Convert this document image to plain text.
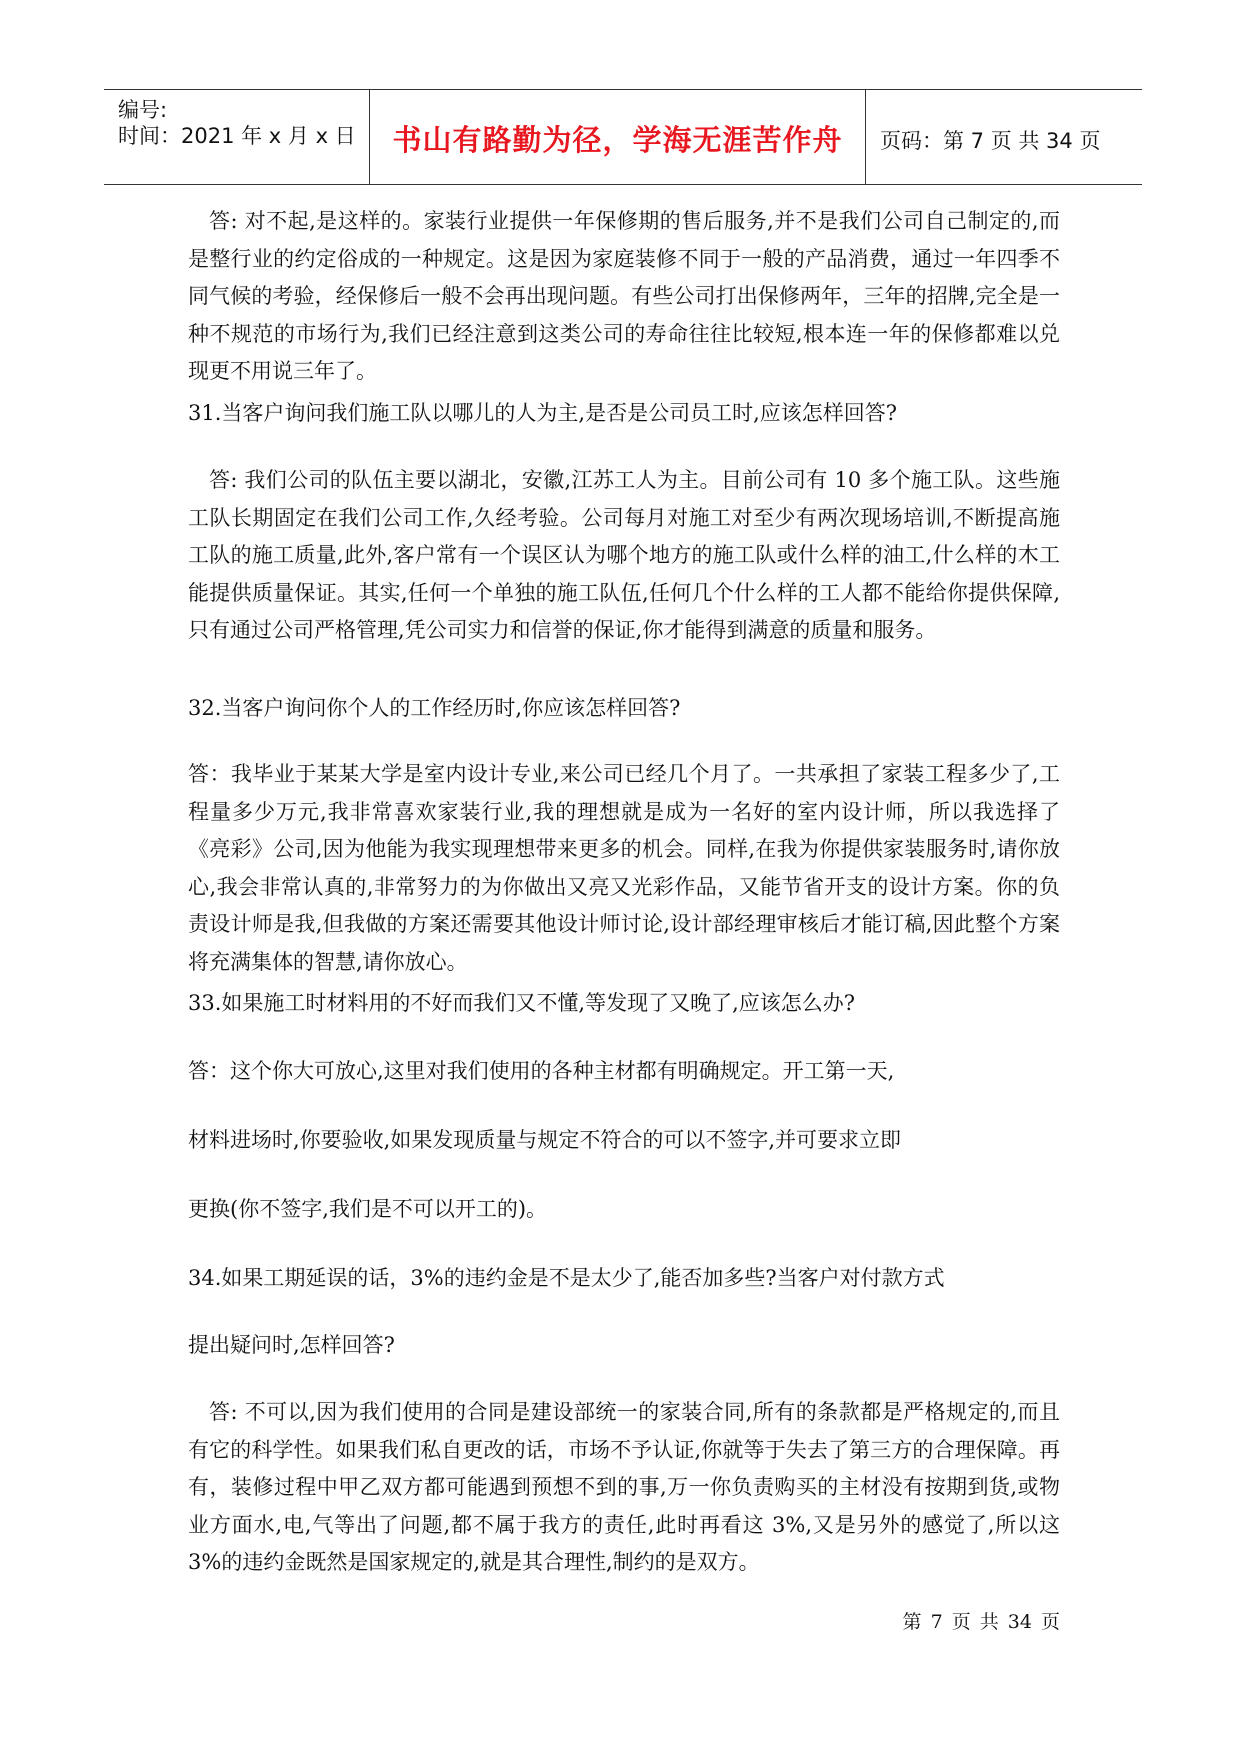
编号:
时间：2021 年 x 月 x 日	书山有路勤为径，学海无涯苦作舟	页码：第 7 页 共 34 页

答: 对不起,是这样的。家装行业提供一年保修期的售后服务,并不是我们公司自己制定的,而是整行业的约定俗成的一种规定。这是因为家庭装修不同于一般的产品消费，通过一年四季不同气候的考验，经保修后一般不会再出现问题。有些公司打出保修两年，三年的招牌,完全是一种不规范的市场行为,我们已经注意到这类公司的寿命往往比较短,根本连一年的保修都难以兑现更不用说三年了。

31.当客户询问我们施工队以哪儿的人为主,是否是公司员工时,应该怎样回答?

答: 我们公司的队伍主要以湖北，安徽,江苏工人为主。目前公司有 10 多个施工队。这些施工队长期固定在我们公司工作,久经考验。公司每月对施工对至少有两次现场培训,不断提高施工队的施工质量,此外,客户常有一个误区认为哪个地方的施工队或什么样的油工,什么样的木工能提供质量保证。其实,任何一个单独的施工队伍,任何几个什么样的工人都不能给你提供保障,只有通过公司严格管理,凭公司实力和信誉的保证,你才能得到满意的质量和服务。

32.当客户询问你个人的工作经历时,你应该怎样回答?

答：我毕业于某某大学是室内设计专业,来公司已经几个月了。一共承担了家装工程多少了,工程量多少万元,我非常喜欢家装行业,我的理想就是成为一名好的室内设计师，所以我选择了《亮彩》公司,因为他能为我实现理想带来更多的机会。同样,在我为你提供家装服务时,请你放心,我会非常认真的,非常努力的为你做出又亮又光彩作品，又能节省开支的设计方案。你的负责设计师是我,但我做的方案还需要其他设计师讨论,设计部经理审核后才能订稿,因此整个方案将充满集体的智慧,请你放心。

33.如果施工时材料用的不好而我们又不懂,等发现了又晚了,应该怎么办?

答：这个你大可放心,这里对我们使用的各种主材都有明确规定。开工第一天,

材料进场时,你要验收,如果发现质量与规定不符合的可以不签字,并可要求立即

更换(你不签字,我们是不可以开工的)。

34.如果工期延误的话，3%的违约金是不是太少了,能否加多些?当客户对付款方式

提出疑问时,怎样回答?

答: 不可以,因为我们使用的合同是建设部统一的家装合同,所有的条款都是严格规定的,而且有它的科学性。如果我们私自更改的话，市场不予认证,你就等于失去了第三方的合理保障。再有，装修过程中甲乙双方都可能遇到预想不到的事,万一你负责购买的主材没有按期到货,或物业方面水,电,气等出了问题,都不属于我方的责任,此时再看这 3%,又是另外的感觉了,所以这 3%的违约金既然是国家规定的,就是其合理性,制约的是双方。

第 7 页 共 34 页
